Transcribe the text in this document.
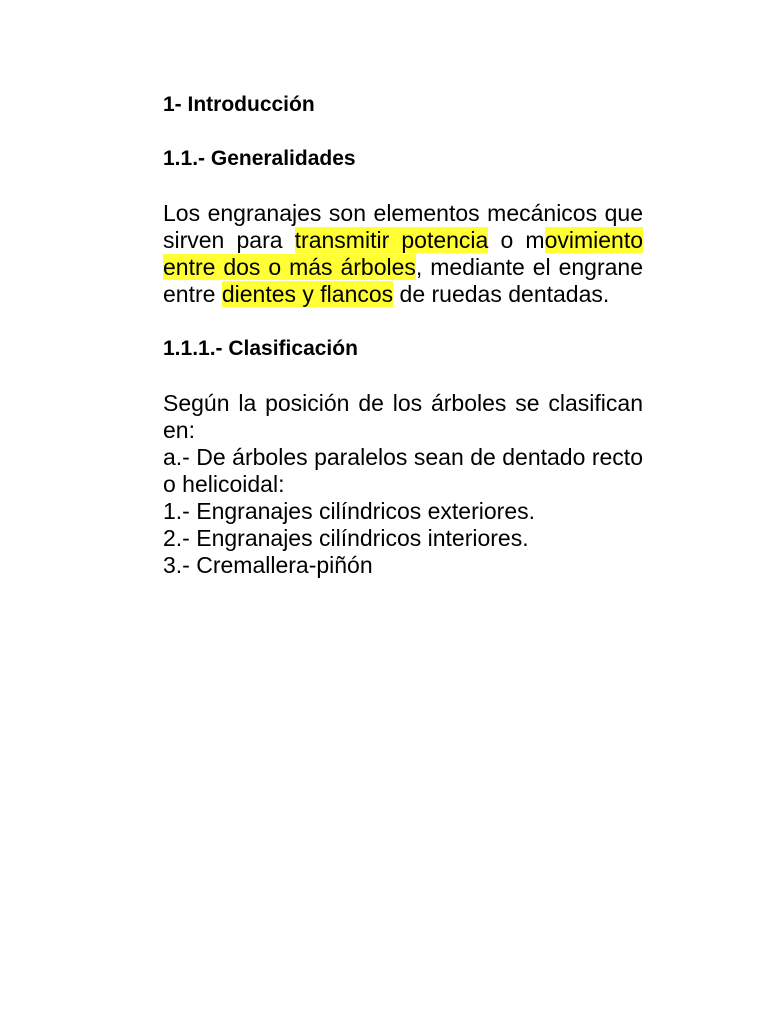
1- Introducción

1.1.- Generalidades

Los engranajes son elementos mecánicos que sirven para transmitir potencia o movimiento entre dos o más árboles, mediante el engrane entre dientes y flancos de ruedas dentadas.

1.1.1.- Clasificación

Según la posición de los árboles se clasifican en:

a.- De árboles paralelos sean de dentado recto o helicoidal:

1.- Engranajes cilíndricos exteriores.

2.- Engranajes cilíndricos interiores.

3.- Cremallera-piñón
